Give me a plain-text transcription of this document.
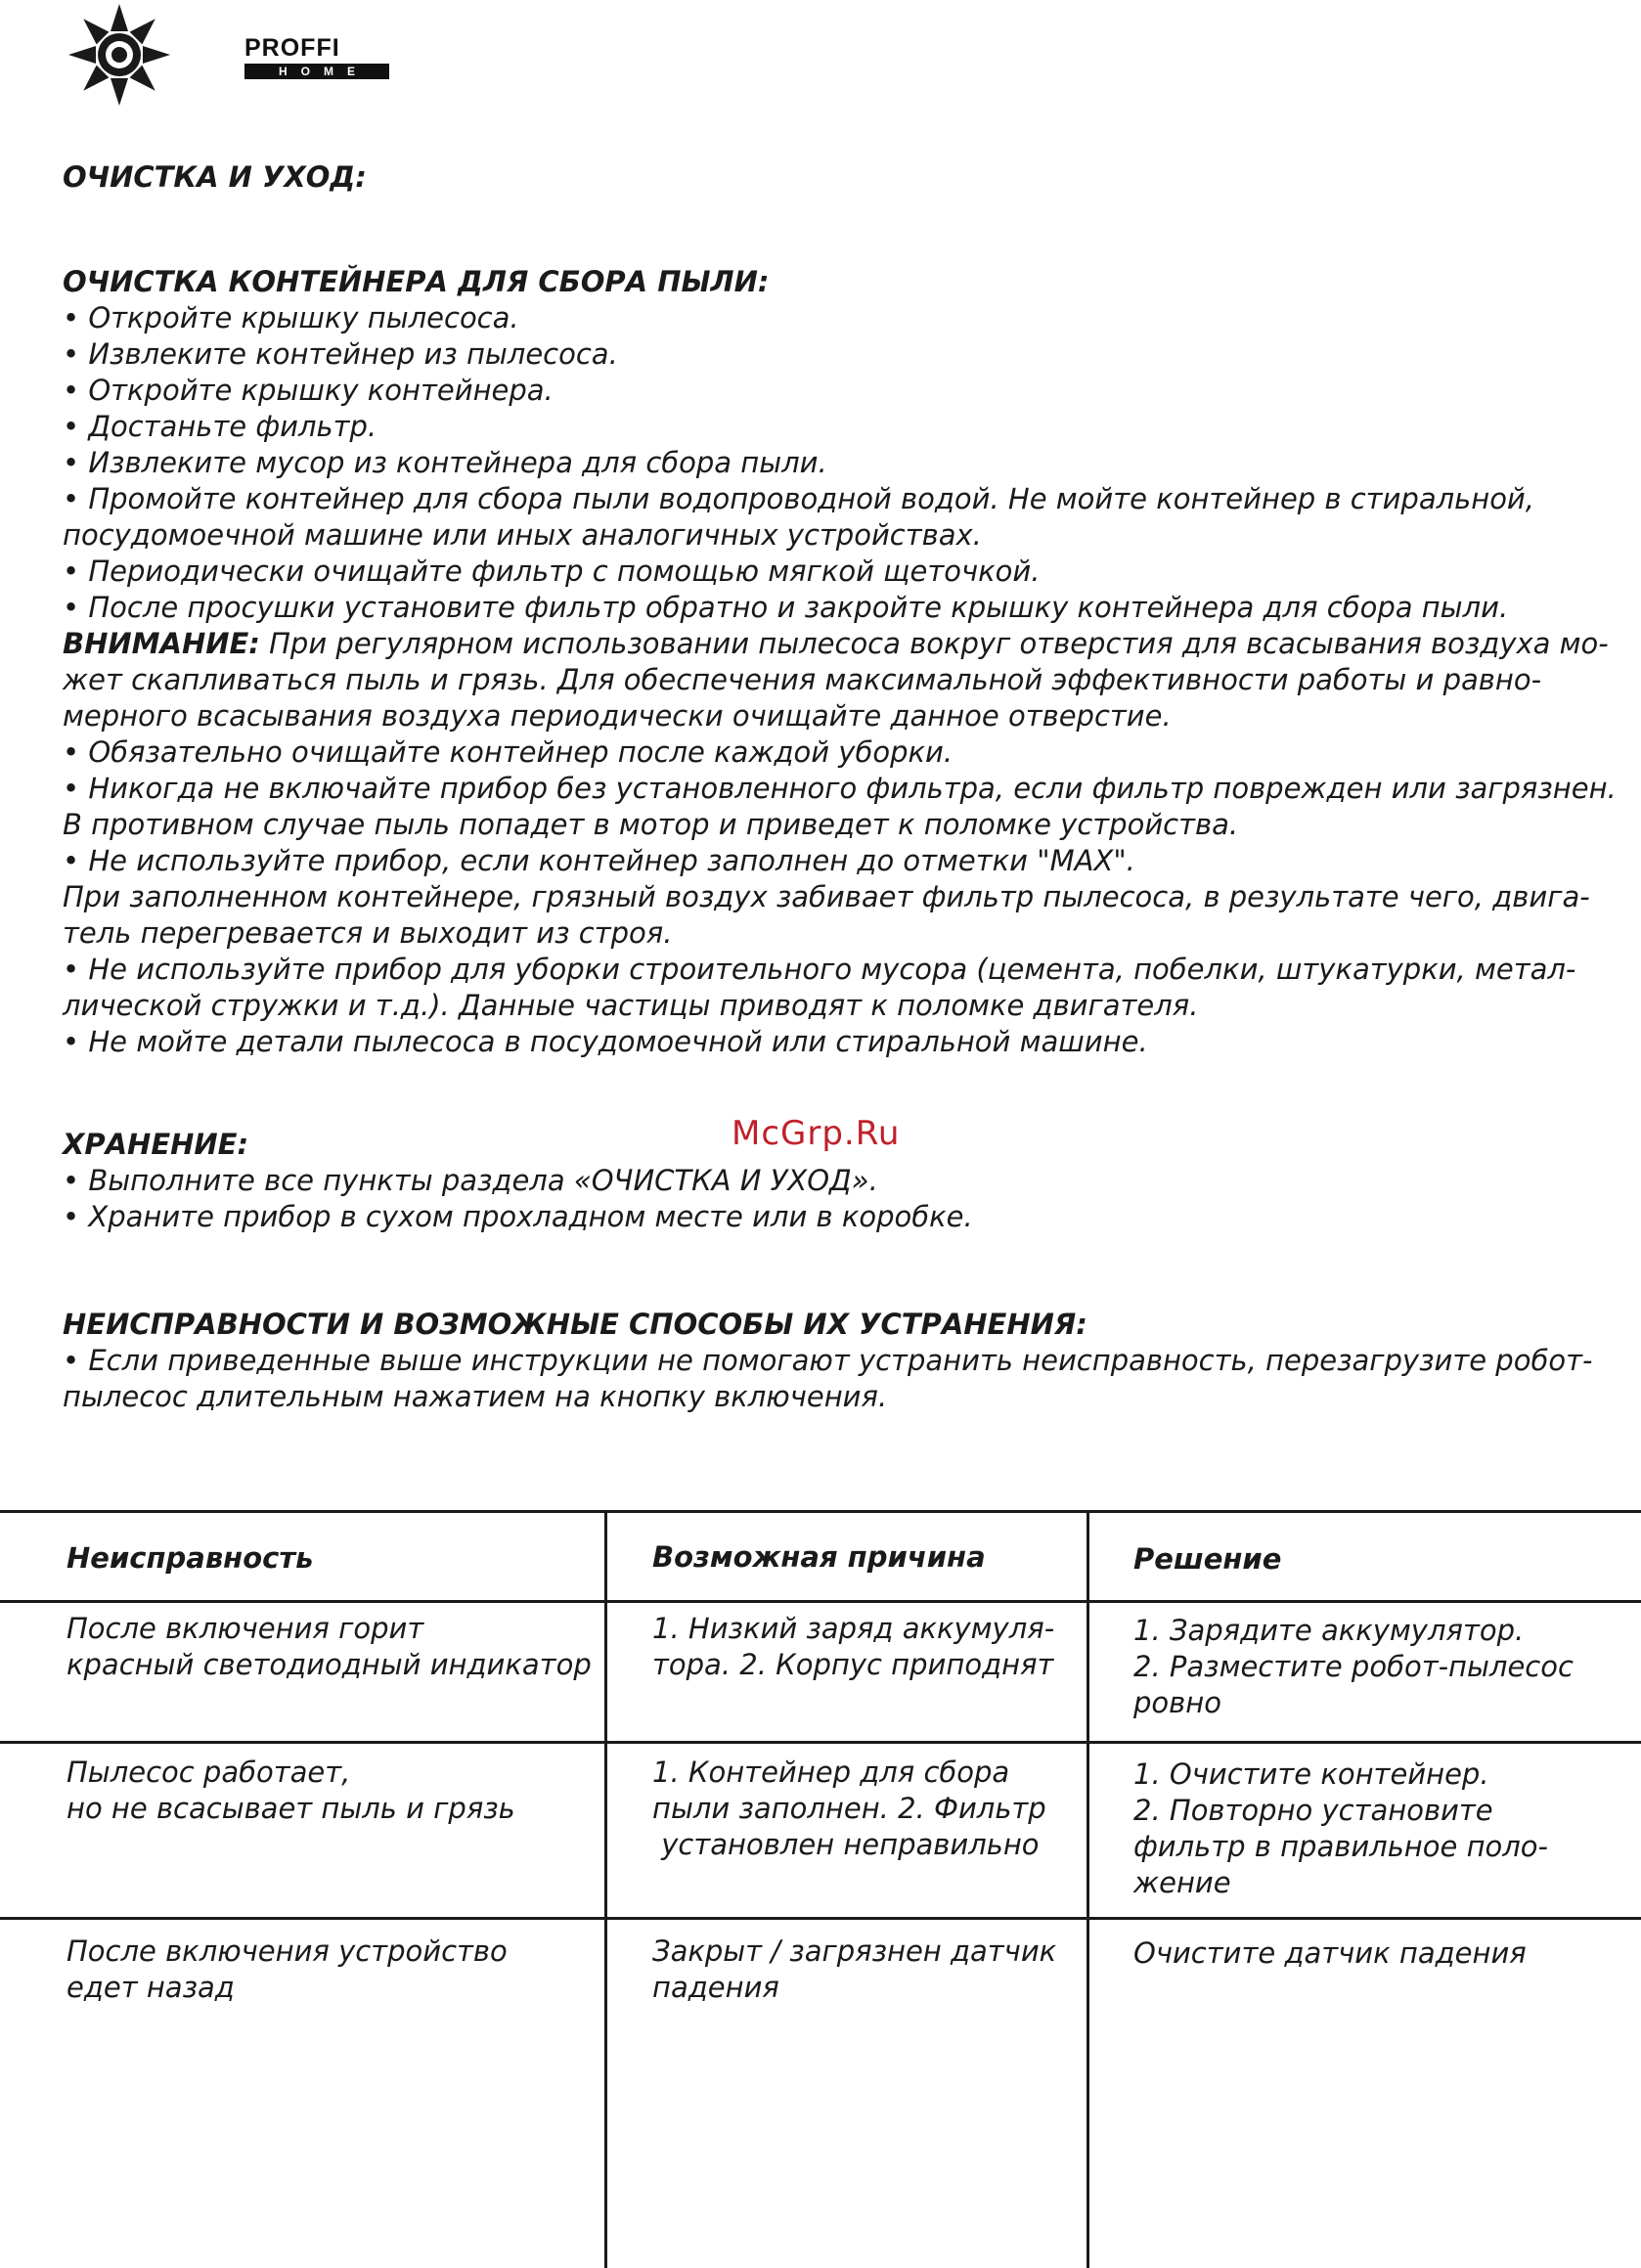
PROFFI
HOME

ОЧИСТКА И УХОД:

ОЧИСТКА КОНТЕЙНЕРА ДЛЯ СБОРА ПЫЛИ:

• Откройте крышку пылесоса.

• Извлеките контейнер из пылесоса.

• Откройте крышку контейнера.

• Достаньте фильтр.

• Извлеките мусор из контейнера для сбора пыли.

• Промойте контейнер для сбора пыли водопроводной водой. Не мойте контейнер в стиральной,

посудомоечной машине или иных аналогичных устройствах.

• Периодически очищайте фильтр с помощью мягкой щеточкой.

• После просушки установите фильтр обратно и закройте крышку контейнера для сбора пыли.

ВНИМАНИЕ: При регулярном использовании пылесоса вокруг отверстия для всасывания воздуха мо-

жет скапливаться пыль и грязь. Для обеспечения максимальной эффективности работы и равно-

мерного всасывания воздуха периодически очищайте данное отверстие.

• Обязательно очищайте контейнер после каждой уборки.

• Никогда не включайте прибор без установленного фильтра, если фильтр поврежден или загрязнен.

В противном случае пыль попадет в мотор и приведет к поломке устройства.

• Не используйте прибор, если контейнер заполнен до отметки "MAX".

При заполненном контейнере, грязный воздух забивает фильтр пылесоса, в результате чего, двига-

тель перегревается и выходит из строя.

• Не используйте прибор для уборки строительного мусора (цемента, побелки, штукатурки, метал-

лической стружки и т.д.). Данные частицы приводят к поломке двигателя.

• Не мойте детали пылесоса в посудомоечной или стиральной машине.

ХРАНЕНИЕ:

• Выполните все пункты раздела «ОЧИСТКА И УХОД».

• Храните прибор в сухом прохладном месте или в коробке.

НЕИСПРАВНОСТИ И ВОЗМОЖНЫЕ СПОСОБЫ ИХ УСТРАНЕНИЯ:

• Если приведенные выше инструкции не помогают устранить неисправность, перезагрузите робот-

пылесос длительным нажатием на кнопку включения.

McGrp.Ru
Неисправность	Возможная причина	Решение

После включения горит

красный светодиодный индикатор

1. Низкий заряд аккумуля-

тора. 2. Корпус приподнят

1. Зарядите аккумулятор.

2. Разместите робот-пылесос

ровно

Пылесос работает,

но не всасывает пыль и грязь

1. Контейнер для сбора

пыли заполнен. 2. Фильтр

установлен неправильно

1. Очистите контейнер.

2. Повторно установите

фильтр в правильное поло-

жение

После включения устройство

едет назад

Закрыт / загрязнен датчик

падения

Очистите датчик падения
